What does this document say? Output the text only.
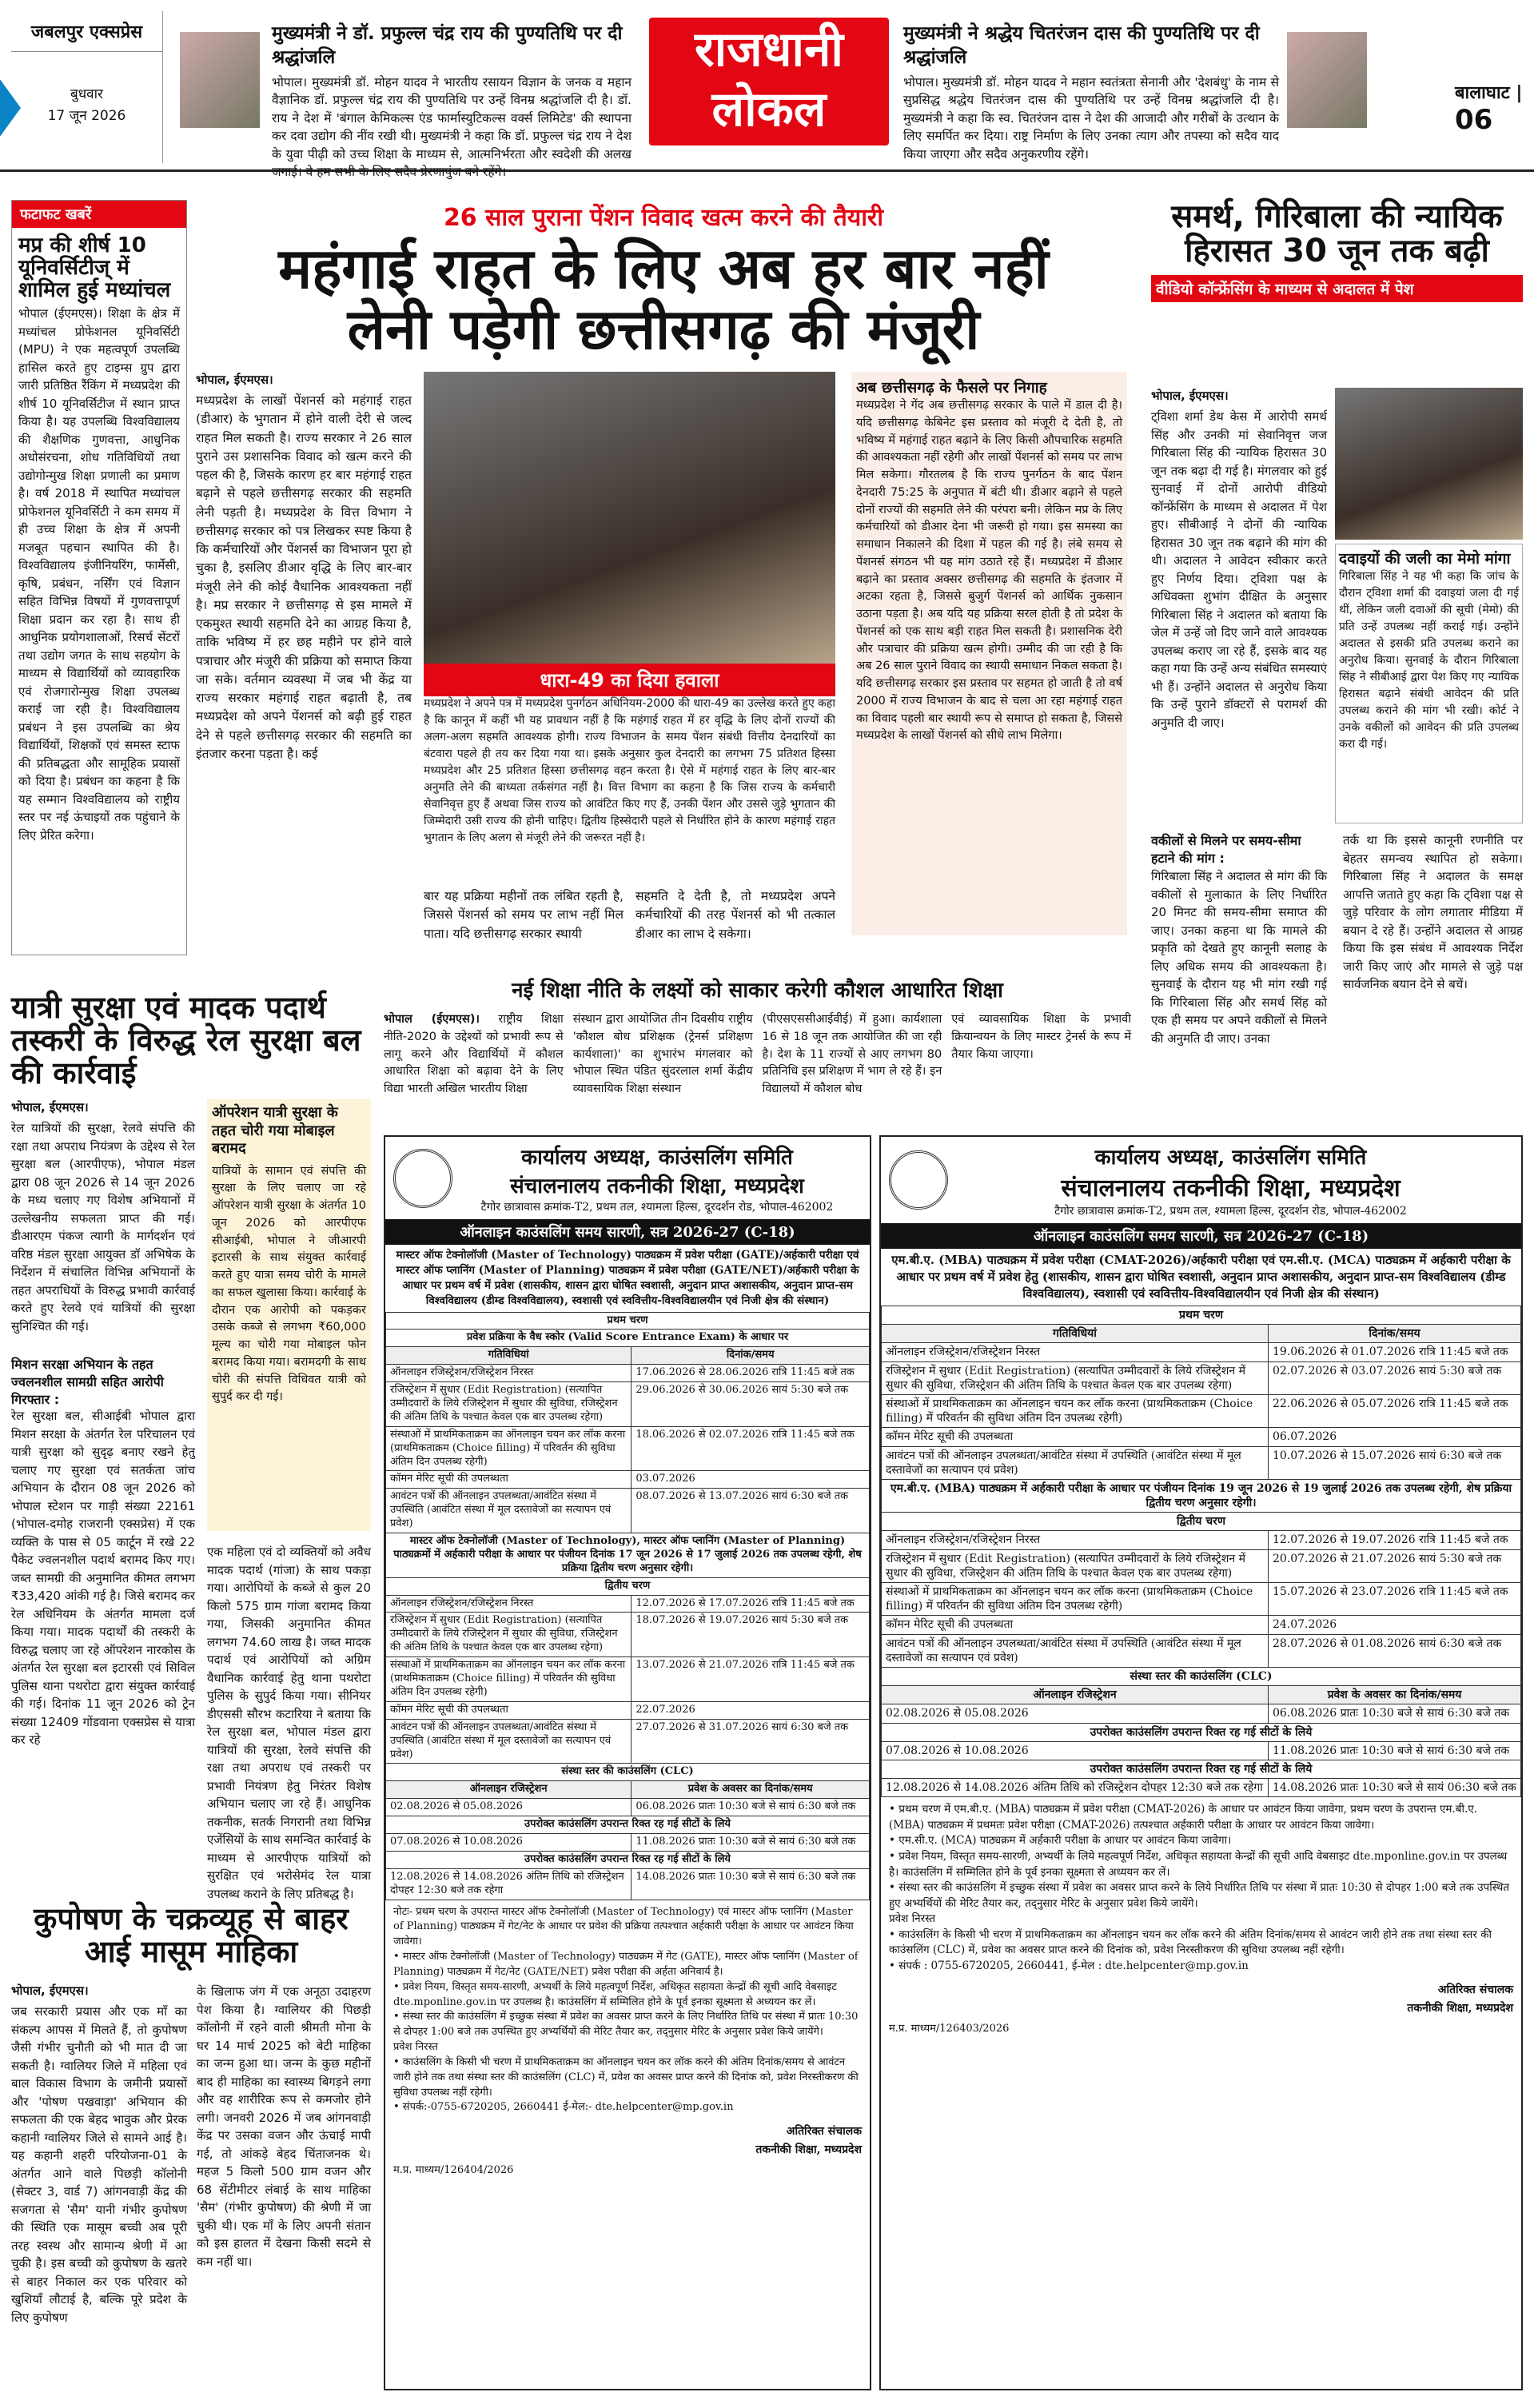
जबलपुर एक्सप्रेस
बुधवार
17 जून 2026
मुख्यमंत्री ने डॉ. प्रफुल्ल चंद्र राय की पुण्यतिथि पर दी श्रद्धांजलि

भोपाल। मुख्यमंत्री डॉ. मोहन यादव ने भारतीय रसायन विज्ञान के जनक व महान वैज्ञानिक डॉ. प्रफुल्ल चंद्र राय की पुण्यतिथि पर उन्हें विनम्र श्रद्धांजलि दी है। डॉ. राय ने देश में 'बंगाल केमिकल्स एंड फार्मास्युटिकल्स वर्क्स लिमिटेड' की स्थापना कर दवा उद्योग की नींव रखी थी। मुख्यमंत्री ने कहा कि डॉ. प्रफुल्ल चंद्र राय ने देश के युवा पीढ़ी को उच्च शिक्षा के माध्यम से, आत्मनिर्भरता और स्वदेशी की अलख जगाई। वे हम सभी के लिए सदैव प्रेरणापुंज बने रहेंगे।

राजधानी
लोकल
मुख्यमंत्री ने श्रद्धेय चितरंजन दास की पुण्यतिथि पर दी श्रद्धांजलि

भोपाल। मुख्यमंत्री डॉ. मोहन यादव ने महान स्वतंत्रता सेनानी और 'देशबंधु' के नाम से सुप्रसिद्ध श्रद्धेय चितरंजन दास की पुण्यतिथि पर उन्हें विनम्र श्रद्धांजलि दी है। मुख्यमंत्री ने कहा कि स्व. चितरंजन दास ने देश की आजादी और गरीबों के उत्थान के लिए समर्पित कर दिया। राष्ट्र निर्माण के लिए उनका त्याग और तपस्या को सदैव याद किया जाएगा और सदैव अनुकरणीय रहेंगे।

बालाघाट | 06
फटाफट खबरें
मप्र की शीर्ष 10 यूनिवर्सिटीज् में शामिल हुई मध्यांचल
भोपाल (ईएमएस)। शिक्षा के क्षेत्र में मध्यांचल प्रोफेशनल यूनिवर्सिटी (MPU) ने एक महत्वपूर्ण उपलब्धि हासिल करते हुए टाइम्स ग्रुप द्वारा जारी प्रतिष्ठित रैंकिंग में मध्यप्रदेश की शीर्ष 10 यूनिवर्सिटीज में स्थान प्राप्त किया है। यह उपलब्धि विश्वविद्यालय की शैक्षणिक गुणवत्ता, आधुनिक अधोसंरचना, शोध गतिविधियों तथा उद्योगोन्मुख शिक्षा प्रणाली का प्रमाण है। वर्ष 2018 में स्थापित मध्यांचल प्रोफेशनल यूनिवर्सिटी ने कम समय में ही उच्च शिक्षा के क्षेत्र में अपनी मजबूत पहचान स्थापित की है। विश्वविद्यालय इंजीनियरिंग, फार्मेसी, कृषि, प्रबंधन, नर्सिंग एवं विज्ञान सहित विभिन्न विषयों में गुणवत्तापूर्ण शिक्षा प्रदान कर रहा है। साथ ही आधुनिक प्रयोगशालाओं, रिसर्च सेंटरों तथा उद्योग जगत के साथ सहयोग के माध्यम से विद्यार्थियों को व्यावहारिक एवं रोजगारोन्मुख शिक्षा उपलब्ध कराई जा रही है। विश्वविद्यालय प्रबंधन ने इस उपलब्धि का श्रेय विद्यार्थियों, शिक्षकों एवं समस्त स्टाफ की प्रतिबद्धता और सामूहिक प्रयासों को दिया है। प्रबंधन का कहना है कि यह सम्मान विश्वविद्यालय को राष्ट्रीय स्तर पर नई ऊंचाइयों तक पहुंचाने के लिए प्रेरित करेगा।
26 साल पुराना पेंशन विवाद खत्म करने की तैयारी
महंगाई राहत के लिए अब हर बार नहीं
लेनी पड़ेगी छत्तीसगढ़ की मंजूरी
भोपाल, ईएमएस।
मध्यप्रदेश के लाखों पेंशनर्स को महंगाई राहत (डीआर) के भुगतान में होने वाली देरी से जल्द राहत मिल सकती है। राज्य सरकार ने 26 साल पुराने उस प्रशासनिक विवाद को खत्म करने की पहल की है, जिसके कारण हर बार महंगाई राहत बढ़ाने से पहले छत्तीसगढ़ सरकार की सहमति लेनी पड़ती है। मध्यप्रदेश के वित्त विभाग ने छत्तीसगढ़ सरकार को पत्र लिखकर स्पष्ट किया है कि कर्मचारियों और पेंशनर्स का विभाजन पूरा हो चुका है, इसलिए डीआर वृद्धि के लिए बार-बार मंजूरी लेने की कोई वैधानिक आवश्यकता नहीं है। मप्र सरकार ने छत्तीसगढ़ से इस मामले में एकमुश्त स्थायी सहमति देने का आग्रह किया है, ताकि भविष्य में हर छह महीने पर होने वाले पत्राचार और मंजूरी की प्रक्रिया को समाप्त किया जा सके। वर्तमान व्यवस्था में जब भी केंद्र या राज्य सरकार महंगाई राहत बढ़ाती है, तब मध्यप्रदेश को अपने पेंशनर्स को बढ़ी हुई राहत देने से पहले छत्तीसगढ़ सरकार की सहमति का इंतजार करना पड़ता है। कई
धारा-49 का दिया हवाला
मध्यप्रदेश ने अपने पत्र में मध्यप्रदेश पुनर्गठन अधिनियम-2000 की धारा-49 का उल्लेख करते हुए कहा है कि कानून में कहीं भी यह प्रावधान नहीं है कि महंगाई राहत में हर वृद्धि के लिए दोनों राज्यों की अलग-अलग सहमति आवश्यक होगी। राज्य विभाजन के समय पेंशन संबंधी वित्तीय देनदारियों का बंटवारा पहले ही तय कर दिया गया था। इसके अनुसार कुल देनदारी का लगभग 75 प्रतिशत हिस्सा मध्यप्रदेश और 25 प्रतिशत हिस्सा छत्तीसगढ़ वहन करता है। ऐसे में महंगाई राहत के लिए बार-बार अनुमति लेने की बाध्यता तर्कसंगत नहीं है। वित्त विभाग का कहना है कि जिस राज्य के कर्मचारी सेवानिवृत्त हुए हैं अथवा जिस राज्य को आवंटित किए गए हैं, उनकी पेंशन और उससे जुड़े भुगतान की जिम्मेदारी उसी राज्य की होनी चाहिए। द्वितीय हिस्सेदारी पहले से निर्धारित होने के कारण महंगाई राहत भुगतान के लिए अलग से मंजूरी लेने की जरूरत नहीं है।
बार यह प्रक्रिया महीनों तक लंबित रहती है, जिससे पेंशनर्स को समय पर लाभ नहीं मिल पाता। यदि छत्तीसगढ़ सरकार स्थायी
सहमति दे देती है, तो मध्यप्रदेश अपने कर्मचारियों की तरह पेंशनर्स को भी तत्काल डीआर का लाभ दे सकेगा।
अब छत्तीसगढ़ के फैसले पर निगाह
मध्यप्रदेश ने गेंद अब छत्तीसगढ़ सरकार के पाले में डाल दी है। यदि छत्तीसगढ़ केबिनेट इस प्रस्ताव को मंजूरी दे देती है, तो भविष्य में महंगाई राहत बढ़ाने के लिए किसी औपचारिक सहमति की आवश्यकता नहीं रहेगी और लाखों पेंशनर्स को समय पर लाभ मिल सकेगा। गौरतलब है कि राज्य पुनर्गठन के बाद पेंशन देनदारी 75:25 के अनुपात में बंटी थी। डीआर बढ़ाने से पहले दोनों राज्यों की सहमति लेने की परंपरा बनी। लेकिन मप्र के लिए कर्मचारियों को डीआर देना भी जरूरी हो गया। इस समस्या का समाधान निकालने की दिशा में पहल की गई है। लंबे समय से पेंशनर्स संगठन भी यह मांग उठाते रहे हैं। मध्यप्रदेश में डीआर बढ़ाने का प्रस्ताव अक्सर छत्तीसगढ़ की सहमति के इंतजार में अटका रहता है, जिससे बुजुर्ग पेंशनर्स को आर्थिक नुकसान उठाना पड़ता है। अब यदि यह प्रक्रिया सरल होती है तो प्रदेश के पेंशनर्स को एक साथ बड़ी राहत मिल सकती है। प्रशासनिक देरी और पत्राचार की प्रक्रिया खत्म होगी। उम्मीद की जा रही है कि अब 26 साल पुराने विवाद का स्थायी समाधान निकल सकता है। यदि छत्तीसगढ़ सरकार इस प्रस्ताव पर सहमत हो जाती है तो वर्ष 2000 में राज्य विभाजन के बाद से चला आ रहा महंगाई राहत का विवाद पहली बार स्थायी रूप से समाप्त हो सकता है, जिससे मध्यप्रदेश के लाखों पेंशनर्स को सीधे लाभ मिलेगा।
समर्थ, गिरिबाला की न्यायिक हिरासत 30 जून तक बढ़ी
वीडियो कॉन्फ्रेंसिंग के माध्यम से अदालत में पेश
भोपाल, ईएमएस।
ट्विशा शर्मा डेथ केस में आरोपी समर्थ सिंह और उनकी मां सेवानिवृत्त जज गिरिबाला सिंह की न्यायिक हिरासत 30 जून तक बढ़ा दी गई है। मंगलवार को हुई सुनवाई में दोनों आरोपी वीडियो कॉन्फ्रेंसिंग के माध्यम से अदालत में पेश हुए। सीबीआई ने दोनों की न्यायिक हिरासत 30 जून तक बढ़ाने की मांग की थी। अदालत ने आवेदन स्वीकार करते हुए निर्णय दिया। ट्विशा पक्ष के अधिवक्ता शुभांग दीक्षित के अनुसार गिरिबाला सिंह ने अदालत को बताया कि जेल में उन्हें जो दिए जाने वाले आवश्यक उपलब्ध कराए जा रहे हैं, इसके बाद यह कहा गया कि उन्हें अन्य संबंधित समस्याएं भी हैं। उन्होंने अदालत से अनुरोध किया कि उन्हें पुराने डॉक्टरों से परामर्श की अनुमति दी जाए।
दवाइयों की जली का मेमो मांगा
गिरिबाला सिंह ने यह भी कहा कि जांच के दौरान ट्विशा शर्मा की दवाइयां जला दी गई थीं, लेकिन जली दवाओं की सूची (मेमो) की प्रति उन्हें उपलब्ध नहीं कराई गई। उन्होंने अदालत से इसकी प्रति उपलब्ध कराने का अनुरोध किया। सुनवाई के दौरान गिरिबाला सिंह ने सीबीआई द्वारा पेश किए गए न्यायिक हिरासत बढ़ाने संबंधी आवेदन की प्रति उपलब्ध कराने की मांग भी रखी। कोर्ट ने उनके वकीलों को आवेदन की प्रति उपलब्ध करा दी गई।
वकीलों से मिलने पर समय-सीमा हटाने की मांग :
गिरिबाला सिंह ने अदालत से मांग की कि वकीलों से मुलाकात के लिए निर्धारित 20 मिनट की समय-सीमा समाप्त की जाए। उनका कहना था कि मामले की प्रकृति को देखते हुए कानूनी सलाह के लिए अधिक समय की आवश्यकता है। सुनवाई के दौरान यह भी मांग रखी गई कि गिरिबाला सिंह और समर्थ सिंह को एक ही समय पर अपने वकीलों से मिलने की अनुमति दी जाए। उनका
तर्क था कि इससे कानूनी रणनीति पर बेहतर समन्वय स्थापित हो सकेगा। गिरिबाला सिंह ने अदालत के समक्ष आपत्ति जताते हुए कहा कि ट्विशा पक्ष से जुड़े परिवार के लोग लगातार मीडिया में बयान दे रहे हैं। उन्होंने अदालत से आग्रह किया कि इस संबंध में आवश्यक निर्देश जारी किए जाएं और मामले से जुड़े पक्ष सार्वजनिक बयान देने से बचें।
नई शिक्षा नीति के लक्ष्यों को साकार करेगी कौशल आधारित शिक्षा
भोपाल (ईएमएस)। राष्ट्रीय शिक्षा नीति-2020 के उद्देश्यों को प्रभावी रूप से लागू करने और विद्यार्थियों में कौशल आधारित शिक्षा को बढ़ावा देने के लिए विद्या भारती अखिल भारतीय शिक्षा
संस्थान द्वारा आयोजित तीन दिवसीय राष्ट्रीय 'कौशल बोध प्रशिक्षक (ट्रेनर्स प्रशिक्षण कार्यशाला)' का शुभारंभ मंगलवार को भोपाल स्थित पंडित सुंदरलाल शर्मा केंद्रीय व्यावसायिक शिक्षा संस्थान
(पीएसएससीआईवीई) में हुआ। कार्यशाला 16 से 18 जून तक आयोजित की जा रही है। देश के 11 राज्यों से आए लगभग 80 प्रतिनिधि इस प्रशिक्षण में भाग ले रहे हैं। इन विद्यालयों में कौशल बोध
एवं व्यावसायिक शिक्षा के प्रभावी क्रियान्वयन के लिए मास्टर ट्रेनर्स के रूप में तैयार किया जाएगा।
यात्री सुरक्षा एवं मादक पदार्थ तस्करी के विरुद्ध रेल सुरक्षा बल की कार्रवाई
भोपाल, ईएमएस।
रेल यात्रियों की सुरक्षा, रेलवे संपत्ति की रक्षा तथा अपराध नियंत्रण के उद्देश्य से रेल सुरक्षा बल (आरपीएफ), भोपाल मंडल द्वारा 08 जून 2026 से 14 जून 2026 के मध्य चलाए गए विशेष अभियानों में उल्लेखनीय सफलता प्राप्त की गई। डीआरएम पंकज त्यागी के मार्गदर्शन एवं वरिष्ठ मंडल सुरक्षा आयुक्त डॉ अभिषेक के निर्देशन में संचालित विभिन्न अभियानों के तहत अपराधियों के विरुद्ध प्रभावी कार्रवाई करते हुए रेलवे एवं यात्रियों की सुरक्षा सुनिश्चित की गई।
मिशन सरक्षा अभियान के तहत ज्वलनशील सामग्री सहित आरोपी गिरफ्तार :
रेल सुरक्षा बल, सीआईबी भोपाल द्वारा मिशन सरक्षा के अंतर्गत रेल परिचालन एवं यात्री सुरक्षा को सुदृढ़ बनाए रखने हेतु चलाए गए सुरक्षा एवं सतर्कता जांच अभियान के दौरान 08 जून 2026 को भोपाल स्टेशन पर गाड़ी संख्या 22161 (भोपाल-दमोह राजरानी एक्सप्रेस) में एक व्यक्ति के पास से 05 कार्टून में रखे 22 पैकेट ज्वलनशील पदार्थ बरामद किए गए। जब्त सामग्री की अनुमानित कीमत लगभग ₹33,420 आंकी गई है। जिसे बरामद कर रेल अधिनियम के अंतर्गत मामला दर्ज किया गया। मादक पदार्थों की तस्करी के विरुद्ध चलाए जा रहे ऑपरेशन नारकोस के अंतर्गत रेल सुरक्षा बल इटारसी एवं सिविल पुलिस थाना पथरोटा द्वारा संयुक्त कार्रवाई की गई। दिनांक 11 जून 2026 को ट्रेन संख्या 12409 गोंडवाना एक्सप्रेस से यात्रा कर रहे
ऑपरेशन यात्री सुरक्षा के तहत चोरी गया मोबाइल बरामद
यात्रियों के सामान एवं संपत्ति की सुरक्षा के लिए चलाए जा रहे ऑपरेशन यात्री सुरक्षा के अंतर्गत 10 जून 2026 को आरपीएफ सीआईबी, भोपाल ने जीआरपी इटारसी के साथ संयुक्त कार्रवाई करते हुए यात्रा समय चोरी के मामले का सफल खुलासा किया। कार्रवाई के दौरान एक आरोपी को पकड़कर उसके कब्जे से लगभग ₹60,000 मूल्य का चोरी गया मोबाइल फोन बरामद किया गया। बरामदगी के साथ चोरी की संपत्ति विधिवत यात्री को सुपुर्द कर दी गई।
एक महिला एवं दो व्यक्तियों को अवैध मादक पदार्थ (गांजा) के साथ पकड़ा गया। आरोपियों के कब्जे से कुल 20 किलो 575 ग्राम गांजा बरामद किया गया, जिसकी अनुमानित कीमत लगभग 74.60 लाख है। जब्त मादक पदार्थ एवं आरोपियों को अग्रिम वैधानिक कार्रवाई हेतु थाना पथरोटा पुलिस के सुपुर्द किया गया। सीनियर डीएससी सौरभ कटारिया ने बताया कि रेल सुरक्षा बल, भोपाल मंडल द्वारा यात्रियों की सुरक्षा, रेलवे संपत्ति की रक्षा तथा अपराध एवं तस्करी पर प्रभावी नियंत्रण हेतु निरंतर विशेष अभियान चलाए जा रहे हैं। आधुनिक तकनीक, सतर्क निगरानी तथा विभिन्न एजेंसियों के साथ समन्वित कार्रवाई के माध्यम से आरपीएफ यात्रियों को सुरक्षित एवं भरोसेमंद रेल यात्रा उपलब्ध कराने के लिए प्रतिबद्ध है।
कुपोषण के चक्रव्यूह से बाहर आई मासूम माहिका
भोपाल, ईएमएस।
जब सरकारी प्रयास और एक माँ का संकल्प आपस में मिलते हैं, तो कुपोषण जैसी गंभीर चुनौती को भी मात दी जा सकती है। ग्वालियर जिले में महिला एवं बाल विकास विभाग के जमीनी प्रयासों और 'पोषण पखवाड़ा' अभियान की सफलता की एक बेहद भावुक और प्रेरक कहानी ग्वालियर जिले से सामने आई है। यह कहानी शहरी परियोजना-01 के अंतर्गत आने वाले पिछड़ी कॉलोनी (सेक्टर 3, वार्ड 7) आंगनवाड़ी केंद्र की सजगता से 'सैम' यानी गंभीर कुपोषण की स्थिति एक मासूम बच्ची अब पूरी तरह स्वस्थ और सामान्य श्रेणी में आ चुकी है। इस बच्ची को कुपोषण के खतरे से बाहर निकाल कर एक परिवार को खुशियाँ लौटाई है, बल्कि पूरे प्रदेश के लिए कुपोषण
के खिलाफ जंग में एक अनूठा उदाहरण पेश किया है। ग्वालियर की पिछड़ी कॉलोनी में रहने वाली श्रीमती मोना के घर 14 मार्च 2025 को बेटी माहिका का जन्म हुआ था। जन्म के कुछ महीनों बाद ही माहिका का स्वास्थ्य बिगड़ने लगा और वह शारीरिक रूप से कमजोर होने लगी। जनवरी 2026 में जब आंगनवाड़ी केंद्र पर उसका वजन और ऊंचाई मापी गई, तो आंकड़े बेहद चिंताजनक थे। महज 5 किलो 500 ग्राम वजन और 68 सेंटीमीटर लंबाई के साथ माहिका 'सैम' (गंभीर कुपोषण) की श्रेणी में जा चुकी थी। एक माँ के लिए अपनी संतान को इस हालत में देखना किसी सदमे से कम नहीं था।
कार्यालय अध्यक्ष, काउंसलिंग समिति
संचालनालय तकनीकी शिक्षा, मध्यप्रदेश
टैगोर छात्रावास क्रमांक-T2, प्रथम तल, श्यामला हिल्स, दूरदर्शन रोड, भोपाल-462002
ऑनलाइन काउंसलिंग समय सारणी, सत्र 2026-27 (C-18)
मास्टर ऑफ टेक्नोलॉजी (Master of Technology) पाठ्यक्रम में प्रवेश परीक्षा (GATE)/अर्हकारी परीक्षा एवं मास्टर ऑफ प्लानिंग (Master of Planning) पाठ्यक्रम में प्रवेश परीक्षा (GATE/NET)/अर्हकारी परीक्षा के आधार पर प्रथम वर्ष में प्रवेश (शासकीय, शासन द्वारा घोषित स्वशासी, अनुदान प्राप्त अशासकीय, अनुदान प्राप्त-सम विश्वविद्यालय (डीम्ड विश्वविद्यालय), स्वशासी एवं स्ववित्तीय-विश्वविद्यालयीन एवं निजी क्षेत्र की संस्थान)
प्रथम चरण	
प्रवेश प्रक्रिया के वैध स्कोर (Valid Score Entrance Exam) के आधार पर	
गतिविधियां	दिनांक/समय
ऑनलाइन रजिस्ट्रेशन/रजिस्ट्रेशन निरस्त	17.06.2026 से 28.06.2026 रात्रि 11:45 बजे तक
रजिस्ट्रेशन में सुधार (Edit Registration) (सत्यापित उम्मीदवारों के लिये रजिस्ट्रेशन में सुधार की सुविधा, रजिस्ट्रेशन की अंतिम तिथि के पश्चात केवल एक बार उपलब्ध रहेगा)	29.06.2026 से 30.06.2026 सायं 5:30 बजे तक
संस्थाओं में प्राथमिकताक्रम का ऑनलाइन चयन कर लॉक करना (प्राथमिकताक्रम (Choice filling) में परिवर्तन की सुविधा अंतिम दिन उपलब्ध रहेगी)	18.06.2026 से 02.07.2026 रात्रि 11:45 बजे तक
कॉमन मेरिट सूची की उपलब्धता	03.07.2026
आवंटन पत्रों की ऑनलाइन उपलब्धता/आवंटित संस्था में उपस्थिति (आवंटित संस्था में मूल दस्तावेजों का सत्यापन एवं प्रवेश)	08.07.2026 से 13.07.2026 सायं 6:30 बजे तक
मास्टर ऑफ टेक्नोलॉजी (Master of Technology), मास्टर ऑफ प्लानिंग (Master of Planning) पाठ्यक्रमों में अर्हकारी परीक्षा के आधार पर पंजीयन दिनांक 17 जून 2026 से 17 जुलाई 2026 तक उपलब्ध रहेगी, शेष प्रक्रिया द्वितीय चरण अनुसार रहेगी।	
द्वितीय चरण	
ऑनलाइन रजिस्ट्रेशन/रजिस्ट्रेशन निरस्त	12.07.2026 से 17.07.2026 रात्रि 11:45 बजे तक
रजिस्ट्रेशन में सुधार (Edit Registration) (सत्यापित उम्मीदवारों के लिये रजिस्ट्रेशन में सुधार की सुविधा, रजिस्ट्रेशन की अंतिम तिथि के पश्चात केवल एक बार उपलब्ध रहेगा)	18.07.2026 से 19.07.2026 सायं 5:30 बजे तक
संस्थाओं में प्राथमिकताक्रम का ऑनलाइन चयन कर लॉक करना (प्राथमिकताक्रम (Choice filling) में परिवर्तन की सुविधा अंतिम दिन उपलब्ध रहेगी)	13.07.2026 से 21.07.2026 रात्रि 11:45 बजे तक
कॉमन मेरिट सूची की उपलब्धता	22.07.2026
आवंटन पत्रों की ऑनलाइन उपलब्धता/आवंटित संस्था में उपस्थिति (आवंटित संस्था में मूल दस्तावेजों का सत्यापन एवं प्रवेश)	27.07.2026 से 31.07.2026 सायं 6:30 बजे तक
संस्था स्तर की काउंसलिंग (CLC)	
ऑनलाइन रजिस्ट्रेशन	प्रवेश के अवसर का दिनांक/समय
02.08.2026 से 05.08.2026	06.08.2026 प्रातः 10:30 बजे से सायं 6:30 बजे तक
उपरोक्त काउंसलिंग उपरान्त रिक्त रह गई सीटों के लिये	
07.08.2026 से 10.08.2026	11.08.2026 प्रातः 10:30 बजे से सायं 6:30 बजे तक
उपरोक्त काउंसलिंग उपरान्त रिक्त रह गई सीटों के लिये	
12.08.2026 से 14.08.2026 अंतिम तिथि को रजिस्ट्रेशन दोपहर 12:30 बजे तक रहेगा	14.08.2026 प्रातः 10:30 बजे से सायं 6:30 बजे तक
नोटः- प्रथम चरण के उपरान्त मास्टर ऑफ टेक्नोलॉजी (Master of Technology) एवं मास्टर ऑफ प्लानिंग (Master of Planning) पाठ्यक्रम में गेट/नेट के आधार पर प्रवेश की प्रक्रिया तत्पश्चात अर्हकारी परीक्षा के आधार पर आवंटन किया जावेगा।
• मास्टर ऑफ टेक्नोलॉजी (Master of Technology) पाठ्यक्रम में गेट (GATE), मास्टर ऑफ प्लानिंग (Master of Planning) पाठ्यक्रम में गेट/नेट (GATE/NET) प्रवेश परीक्षा की अर्हता अनिवार्य है।
• प्रवेश नियम, विस्तृत समय-सारणी, अभ्यर्थी के लिये महत्वपूर्ण निर्देश, अधिकृत सहायता केन्द्रों की सूची आदि वेबसाइट dte.mponline.gov.in पर उपलब्ध है। काउंसलिंग में सम्मिलित होने के पूर्व इनका सूक्ष्मता से अध्ययन कर लें।
• संस्था स्तर की काउंसलिंग में इच्छुक संस्था में प्रवेश का अवसर प्राप्त करने के लिए निर्धारित तिथि पर संस्था में प्रातः 10:30 से दोपहर 1:00 बजे तक उपस्थित हुए अभ्यर्थियों की मेरिट तैयार कर, तद्नुसार मेरिट के अनुसार प्रवेश किये जायेंगे।
प्रवेश निरस्त
• काउंसलिंग के किसी भी चरण में प्राथमिकताक्रम का ऑनलाइन चयन कर लॉक करने की अंतिम दिनांक/समय से आवंटन जारी होने तक तथा संस्था स्तर की काउंसलिंग (CLC) में, प्रवेश का अवसर प्राप्त करने की दिनांक को, प्रवेश निरस्तीकरण की सुविधा उपलब्ध नहीं रहेगी।
• संपर्क:-0755-6720205, 2660441 ई-मेल:- dte.helpcenter@mp.gov.in
अतिरिक्त संचालक
तकनीकी शिक्षा, मध्यप्रदेश
म.प्र. माध्यम/126404/2026
कार्यालय अध्यक्ष, काउंसलिंग समिति
संचालनालय तकनीकी शिक्षा, मध्यप्रदेश
टैगोर छात्रावास क्रमांक-T2, प्रथम तल, श्यामला हिल्स, दूरदर्शन रोड, भोपाल-462002
ऑनलाइन काउंसलिंग समय सारणी, सत्र 2026-27 (C-18)
एम.बी.ए. (MBA) पाठ्यक्रम में प्रवेश परीक्षा (CMAT-2026)/अर्हकारी परीक्षा एवं एम.सी.ए. (MCA) पाठ्यक्रम में अर्हकारी परीक्षा के आधार पर प्रथम वर्ष में प्रवेश हेतु (शासकीय, शासन द्वारा घोषित स्वशासी, अनुदान प्राप्त अशासकीय, अनुदान प्राप्त-सम विश्वविद्यालय (डीम्ड विश्वविद्यालय), स्वशासी एवं स्ववित्तीय-विश्वविद्यालयीन एवं निजी क्षेत्र की संस्थान)
प्रथम चरण	
गतिविधियां	दिनांक/समय
ऑनलाइन रजिस्ट्रेशन/रजिस्ट्रेशन निरस्त	19.06.2026 से 01.07.2026 रात्रि 11:45 बजे तक
रजिस्ट्रेशन में सुधार (Edit Registration) (सत्यापित उम्मीदवारों के लिये रजिस्ट्रेशन में सुधार की सुविधा, रजिस्ट्रेशन की अंतिम तिथि के पश्चात केवल एक बार उपलब्ध रहेगा)	02.07.2026 से 03.07.2026 सायं 5:30 बजे तक
संस्थाओं में प्राथमिकताक्रम का ऑनलाइन चयन कर लॉक करना (प्राथमिकताक्रम (Choice filling) में परिवर्तन की सुविधा अंतिम दिन उपलब्ध रहेगी)	22.06.2026 से 05.07.2026 रात्रि 11:45 बजे तक
कॉमन मेरिट सूची की उपलब्धता	06.07.2026
आवंटन पत्रों की ऑनलाइन उपलब्धता/आवंटित संस्था में उपस्थिति (आवंटित संस्था में मूल दस्तावेजों का सत्यापन एवं प्रवेश)	10.07.2026 से 15.07.2026 सायं 6:30 बजे तक
एम.बी.ए. (MBA) पाठ्यक्रम में अर्हकारी परीक्षा के आधार पर पंजीयन दिनांक 19 जून 2026 से 19 जुलाई 2026 तक उपलब्ध रहेगी, शेष प्रक्रिया द्वितीय चरण अनुसार रहेगी।	
द्वितीय चरण	
ऑनलाइन रजिस्ट्रेशन/रजिस्ट्रेशन निरस्त	12.07.2026 से 19.07.2026 रात्रि 11:45 बजे तक
रजिस्ट्रेशन में सुधार (Edit Registration) (सत्यापित उम्मीदवारों के लिये रजिस्ट्रेशन में सुधार की सुविधा, रजिस्ट्रेशन की अंतिम तिथि के पश्चात केवल एक बार उपलब्ध रहेगा)	20.07.2026 से 21.07.2026 सायं 5:30 बजे तक
संस्थाओं में प्राथमिकताक्रम का ऑनलाइन चयन कर लॉक करना (प्राथमिकताक्रम (Choice filling) में परिवर्तन की सुविधा अंतिम दिन उपलब्ध रहेगी)	15.07.2026 से 23.07.2026 रात्रि 11:45 बजे तक
कॉमन मेरिट सूची की उपलब्धता	24.07.2026
आवंटन पत्रों की ऑनलाइन उपलब्धता/आवंटित संस्था में उपस्थिति (आवंटित संस्था में मूल दस्तावेजों का सत्यापन एवं प्रवेश)	28.07.2026 से 01.08.2026 सायं 6:30 बजे तक
संस्था स्तर की काउंसलिंग (CLC)	
ऑनलाइन रजिस्ट्रेशन	प्रवेश के अवसर का दिनांक/समय
02.08.2026 से 05.08.2026	06.08.2026 प्रातः 10:30 बजे से सायं 6:30 बजे तक
उपरोक्त काउंसलिंग उपरान्त रिक्त रह गई सीटों के लिये	
07.08.2026 से 10.08.2026	11.08.2026 प्रातः 10:30 बजे से सायं 6:30 बजे तक
उपरोक्त काउंसलिंग उपरान्त रिक्त रह गई सीटों के लिये	
12.08.2026 से 14.08.2026 अंतिम तिथि को रजिस्ट्रेशन दोपहर 12:30 बजे तक रहेगा	14.08.2026 प्रातः 10:30 बजे से सायं 06:30 बजे तक
• प्रथम चरण में एम.बी.ए. (MBA) पाठ्यक्रम में प्रवेश परीक्षा (CMAT-2026) के आधार पर आवंटन किया जावेगा, प्रथम चरण के उपरान्त एम.बी.ए. (MBA) पाठ्यक्रम में प्रथमतः प्रवेश परीक्षा (CMAT-2026) तत्पश्चात अर्हकारी परीक्षा के आधार पर आवंटन किया जावेगा।
• एम.सी.ए. (MCA) पाठ्यक्रम में अर्हकारी परीक्षा के आधार पर आवंटन किया जावेगा।
• प्रवेश नियम, विस्तृत समय-सारणी, अभ्यर्थी के लिये महत्वपूर्ण निर्देश, अधिकृत सहायता केन्द्रों की सूची आदि वेबसाइट dte.mponline.gov.in पर उपलब्ध है। काउंसलिंग में सम्मिलित होने के पूर्व इनका सूक्ष्मता से अध्ययन कर लें।
• संस्था स्तर की काउंसलिंग में इच्छुक संस्था में प्रवेश का अवसर प्राप्त करने के लिये निर्धारित तिथि पर संस्था में प्रातः 10:30 से दोपहर 1:00 बजे तक उपस्थित हुए अभ्यर्थियों की मेरिट तैयार कर, तद्नुसार मेरिट के अनुसार प्रवेश किये जायेंगे।
प्रवेश निरस्त
• काउंसलिंग के किसी भी चरण में प्राथमिकताक्रम का ऑनलाइन चयन कर लॉक करने की अंतिम दिनांक/समय से आवंटन जारी होने तक तथा संस्था स्तर की काउंसलिंग (CLC) में, प्रवेश का अवसर प्राप्त करने की दिनांक को, प्रवेश निरस्तीकरण की सुविधा उपलब्ध नहीं रहेगी।
• संपर्क : 0755-6720205, 2660441, ई-मेल : dte.helpcenter@mp.gov.in
अतिरिक्त संचालक
तकनीकी शिक्षा, मध्यप्रदेश
म.प्र. माध्यम/126403/2026
